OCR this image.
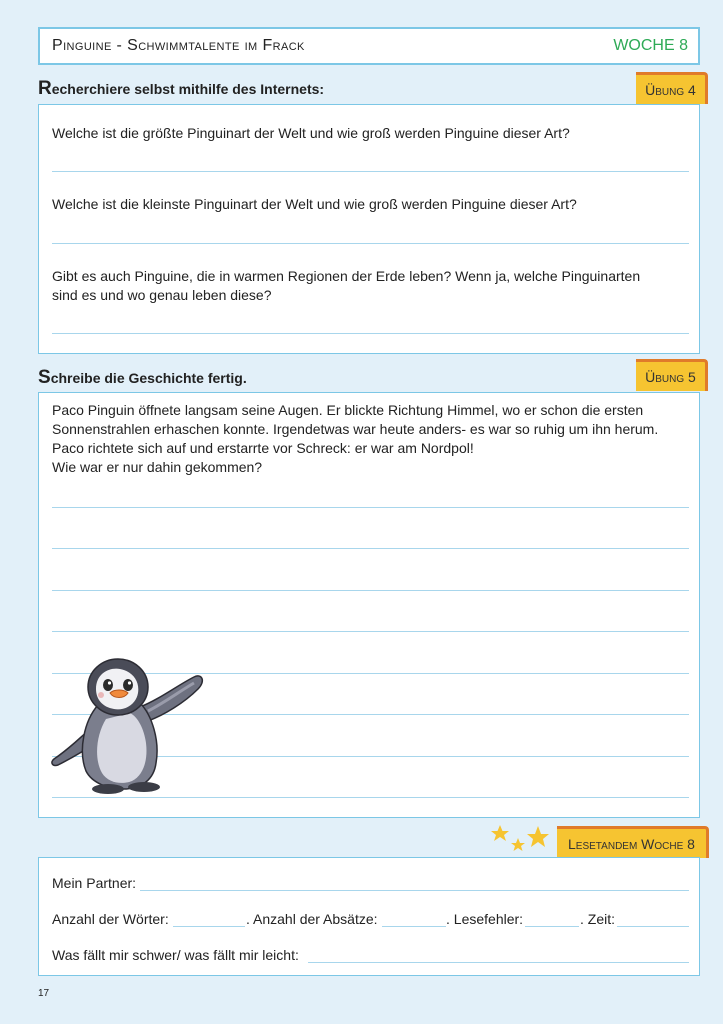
Pinguine - Schwimmtalente im Frack	WOCHE 8
Recherchiere selbst mithilfe des Internets:	Übung 4
Welche ist die größte Pinguinart der Welt und wie groß werden Pinguine dieser Art?
Welche ist die kleinste Pinguinart der Welt und wie groß werden Pinguine dieser Art?
Gibt es auch Pinguine, die in warmen Regionen der Erde leben? Wenn ja, welche Pinguinarten
sind es und wo genau leben diese?
Schreibe die Geschichte fertig.	Übung 5
Paco Pinguin öffnete langsam seine Augen. Er blickte Richtung Himmel, wo er schon die ersten
Sonnenstrahlen erhaschen konnte. Irgendetwas war heute anders- es war so ruhig um ihn herum.
Paco richtete sich auf und erstarrte vor Schreck: er war am Nordpol!
Wie war er nur dahin gekommen?
Lesetandem Woche 8
Mein Partner:
Anzahl der Wörter:	. Anzahl der Absätze:	. Lesefehler:	. Zeit:
Was fällt mir schwer/ was fällt mir leicht:
17
